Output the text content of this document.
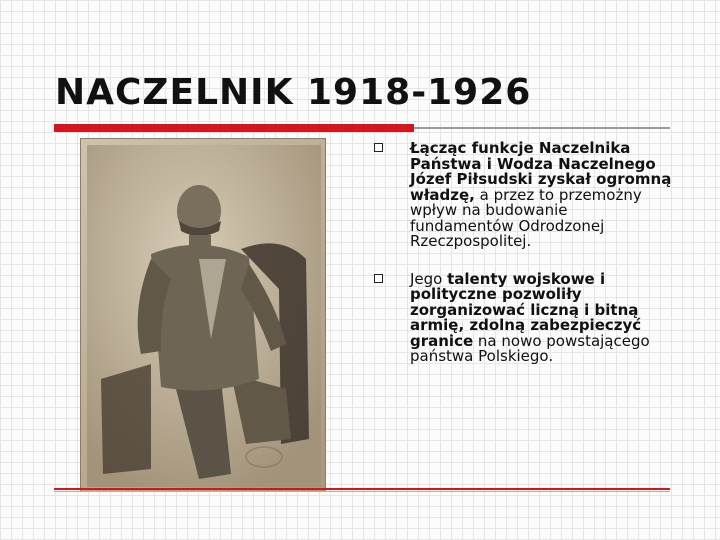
NACZELNIK 1918-1926
Łącząc funkcje Naczelnika Państwa i Wodza Naczelnego Józef Piłsudski zyskał ogromną władzę, a przez to przemożny wpływ na budowanie fundamentów Odrodzonej Rzeczpospolitej.
Jego talenty wojskowe i polityczne pozwoliły zorganizować liczną i bitną armię, zdolną zabezpieczyć granice na nowo powstającego państwa Polskiego.
